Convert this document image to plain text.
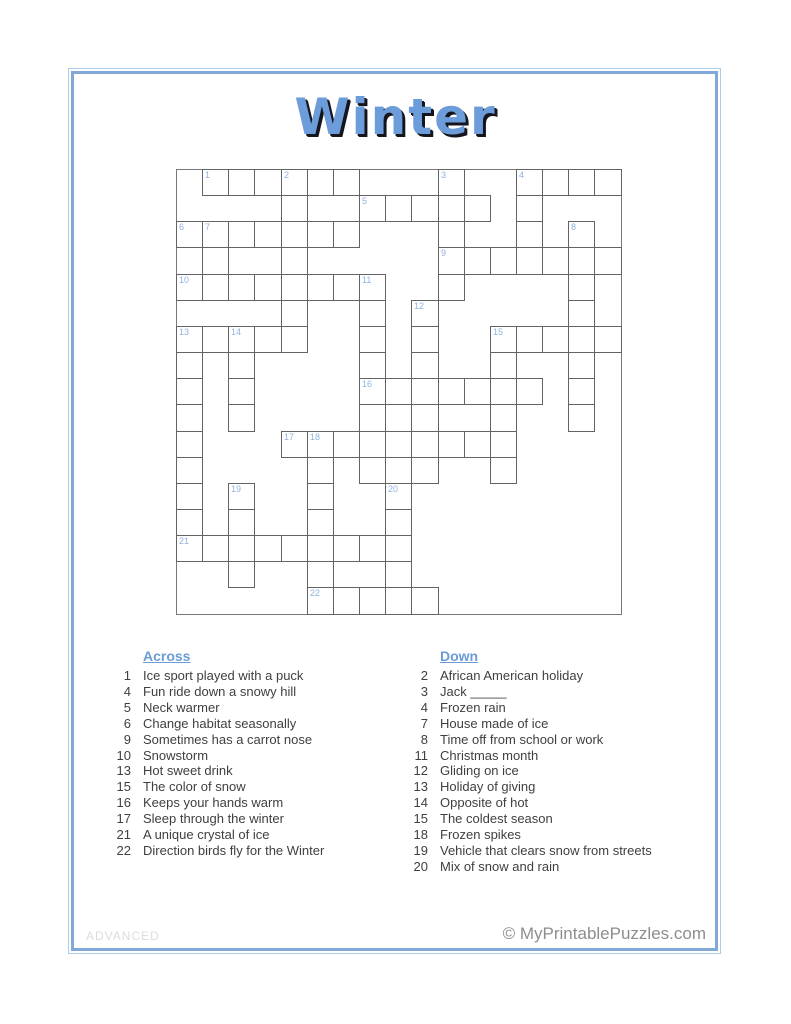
Winter
1	2	3	4
5
6	7	8
9
10	11
12
13	14	15
16
17	18
19	20
21
22
Across
1 Ice sport played with a puck
4 Fun ride down a snowy hill
5 Neck warmer
6 Change habitat seasonally
9 Sometimes has a carrot nose
10 Snowstorm
13 Hot sweet drink
15 The color of snow
16 Keeps your hands warm
17 Sleep through the winter
21 A unique crystal of ice
22 Direction birds fly for the Winter
Down
2 African American holiday
3 Jack _____
4 Frozen rain
7 House made of ice
8 Time off from school or work
11 Christmas month
12 Gliding on ice
13 Holiday of giving
14 Opposite of hot
15 The coldest season
18 Frozen spikes
19 Vehicle that clears snow from streets
20 Mix of snow and rain
ADVANCED	© MyPrintablePuzzles.com
